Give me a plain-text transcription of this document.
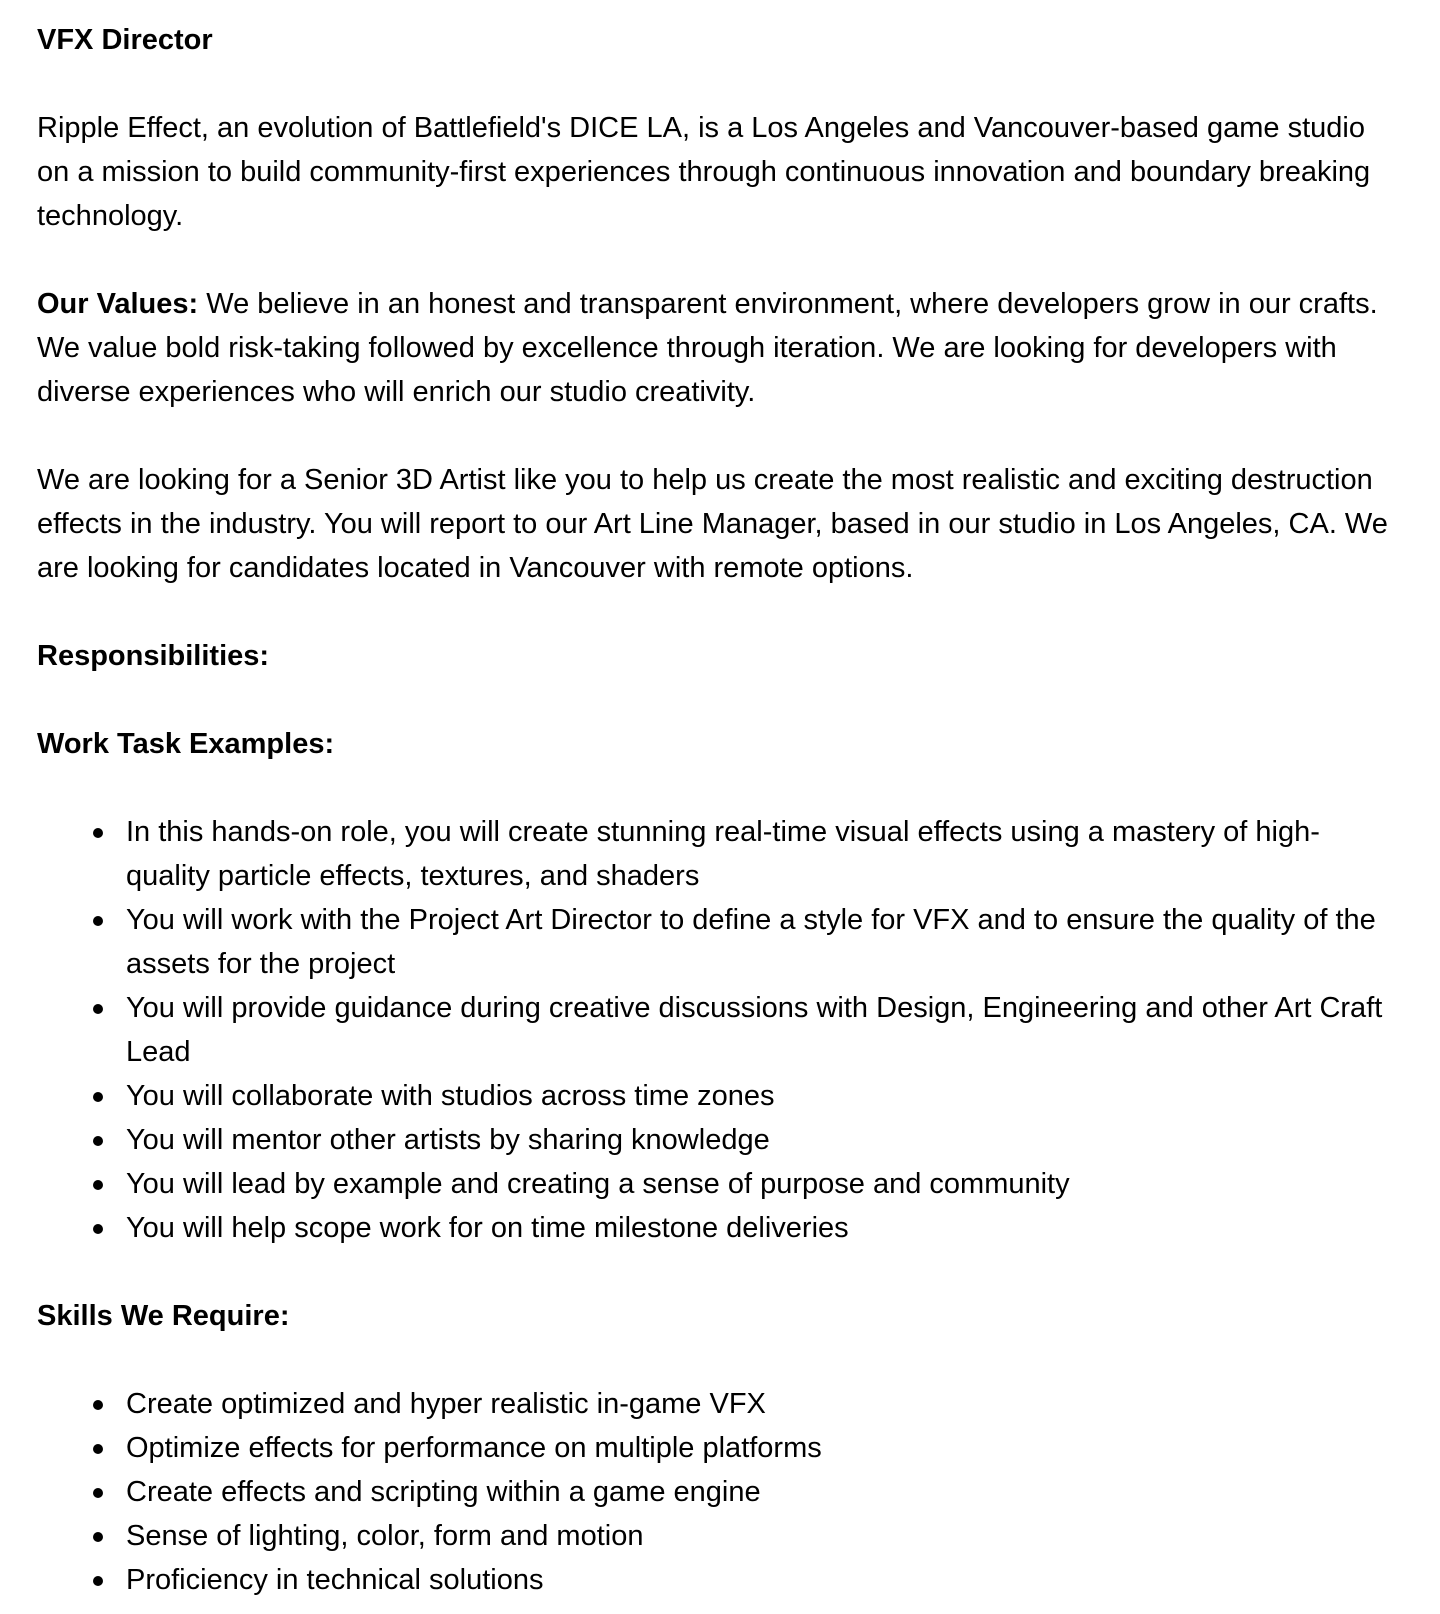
VFX Director
Ripple Effect, an evolution of Battlefield's DICE LA, is a Los Angeles and Vancouver-based game studio on a mission to build community-first experiences through continuous innovation and boundary breaking technology.
Our Values: We believe in an honest and transparent environment, where developers grow in our crafts. We value bold risk-taking followed by excellence through iteration. We are looking for developers with diverse experiences who will enrich our studio creativity.
We are looking for a Senior 3D Artist like you to help us create the most realistic and exciting destruction effects in the industry. You will report to our Art Line Manager, based in our studio in Los Angeles, CA. We are looking for candidates located in Vancouver with remote options.
Responsibilities:
Work Task Examples:
In this hands-on role, you will create stunning real-time visual effects using a mastery of high-quality particle effects, textures, and shaders
You will work with the Project Art Director to define a style for VFX and to ensure the quality of the assets for the project
You will provide guidance during creative discussions with Design, Engineering and other Art Craft Lead
You will collaborate with studios across time zones
You will mentor other artists by sharing knowledge
You will lead by example and creating a sense of purpose and community
You will help scope work for on time milestone deliveries
Skills We Require:
Create optimized and hyper realistic in-game VFX
Optimize effects for performance on multiple platforms
Create effects and scripting within a game engine
Sense of lighting, color, form and motion
Proficiency in technical solutions
